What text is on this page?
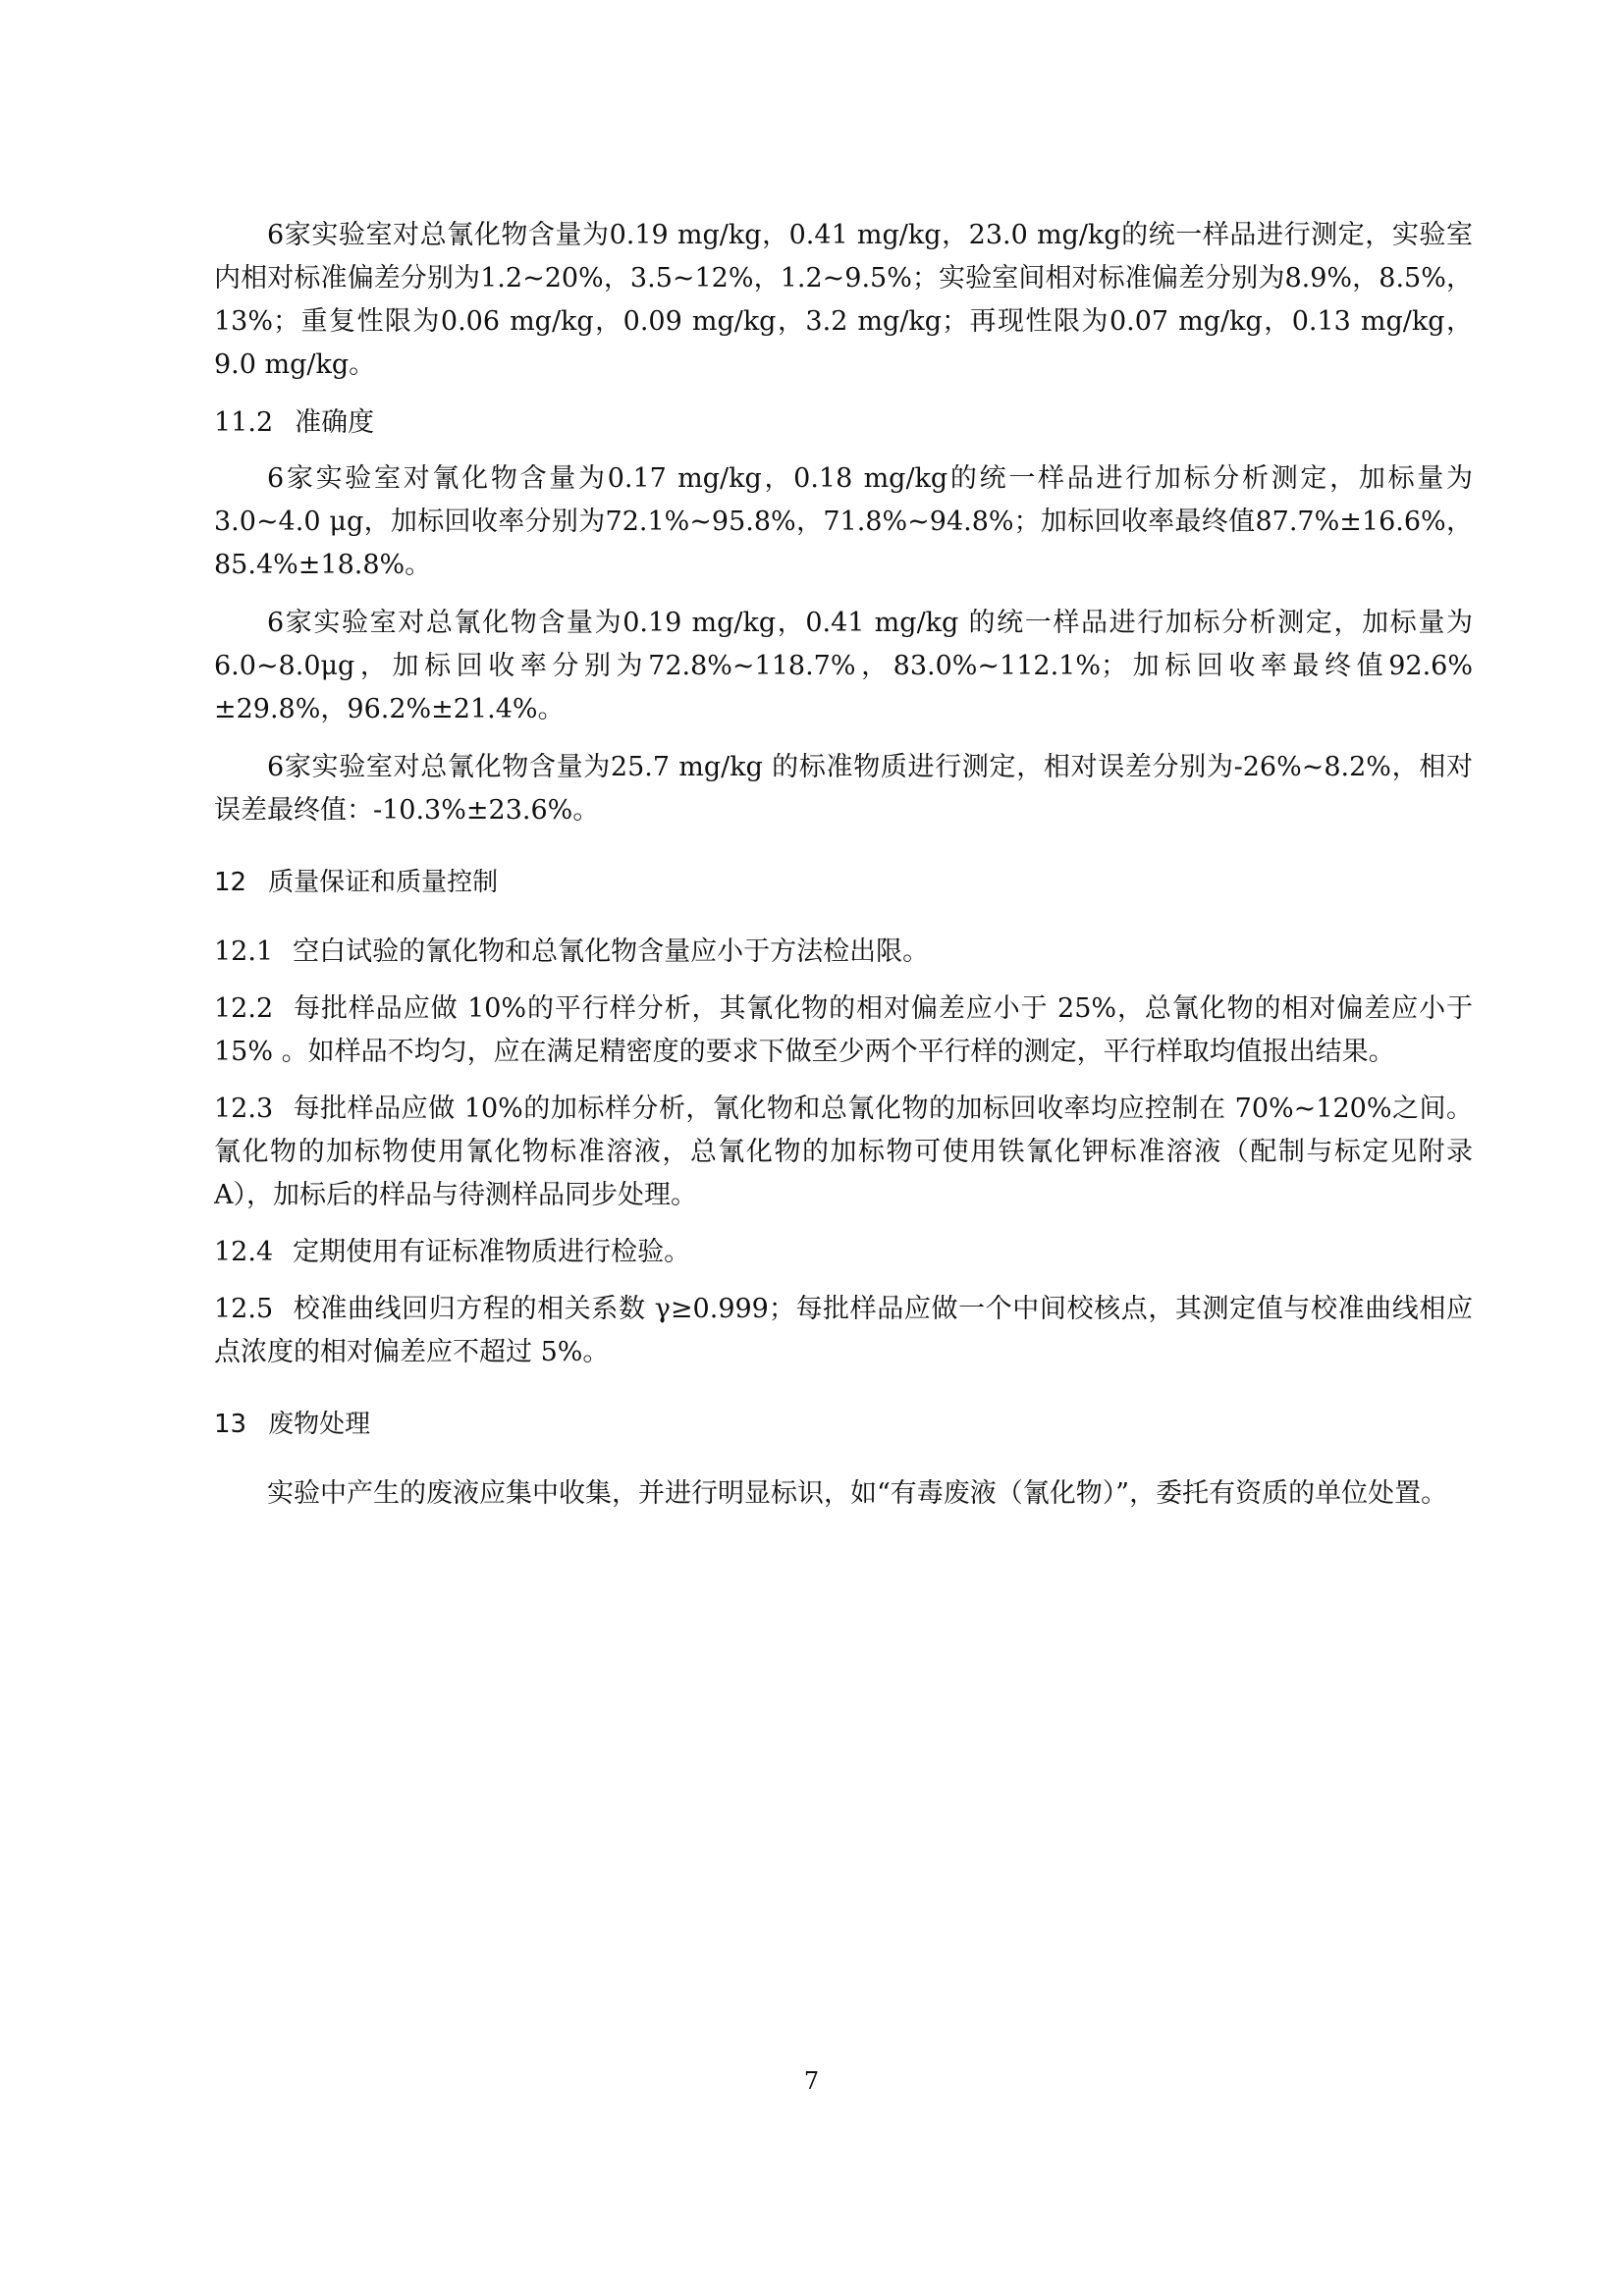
6家实验室对总氰化物含量为0.19 mg/kg，0.41 mg/kg，23.0 mg/kg的统一样品进行测定，实验室内相对标准偏差分别为1.2~20%，3.5~12%，1.2~9.5%；实验室间相对标准偏差分别为8.9%，8.5%，13%；重复性限为0.06 mg/kg，0.09 mg/kg，3.2 mg/kg；再现性限为0.07 mg/kg，0.13 mg/kg，9.0 mg/kg。

11.2 准确度

6家实验室对氰化物含量为0.17 mg/kg，0.18 mg/kg的统一样品进行加标分析测定，加标量为3.0~4.0 μg，加标回收率分别为72.1%~95.8%，71.8%~94.8%；加标回收率最终值87.7%±16.6%，85.4%±18.8%。

6家实验室对总氰化物含量为0.19 mg/kg，0.41 mg/kg 的统一样品进行加标分析测定，加标量为6.0~8.0μg，加标回收率分别为72.8%~118.7%，83.0%~112.1%；加标回收率最终值92.6%±29.8%，96.2%±21.4%。

6家实验室对总氰化物含量为25.7 mg/kg 的标准物质进行测定，相对误差分别为-26%~8.2%，相对误差最终值：-10.3%±23.6%。

12 质量保证和质量控制

12.1 空白试验的氰化物和总氰化物含量应小于方法检出限。

12.2 每批样品应做 10%的平行样分析，其氰化物的相对偏差应小于 25%，总氰化物的相对偏差应小于 15% 。如样品不均匀，应在满足精密度的要求下做至少两个平行样的测定，平行样取均值报出结果。

12.3 每批样品应做 10%的加标样分析，氰化物和总氰化物的加标回收率均应控制在 70%~120%之间。氰化物的加标物使用氰化物标准溶液，总氰化物的加标物可使用铁氰化钾标准溶液（配制与标定见附录 A），加标后的样品与待测样品同步处理。

12.4 定期使用有证标准物质进行检验。

12.5 校准曲线回归方程的相关系数 γ≥0.999；每批样品应做一个中间校核点，其测定值与校准曲线相应点浓度的相对偏差应不超过 5%。

13 废物处理

实验中产生的废液应集中收集，并进行明显标识，如“有毒废液（氰化物）”，委托有资质的单位处置。

7
